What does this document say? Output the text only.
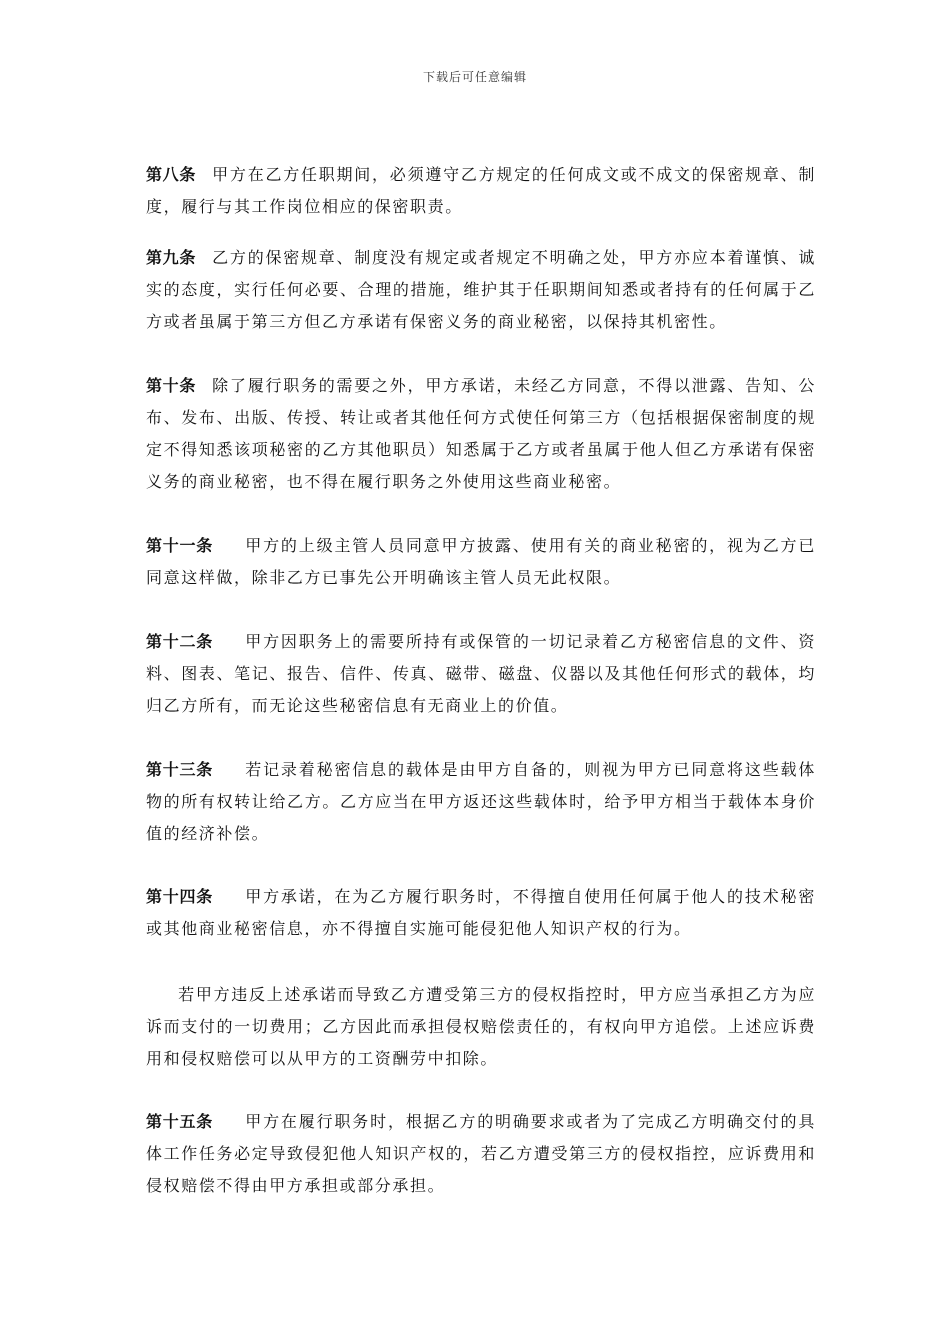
下载后可任意编辑

第八条 甲方在乙方任职期间，必须遵守乙方规定的任何成文或不成文的保密规章、制度，履行与其工作岗位相应的保密职责。

第九条 乙方的保密规章、制度没有规定或者规定不明确之处，甲方亦应本着谨慎、诚实的态度，实行任何必要、合理的措施，维护其于任职期间知悉或者持有的任何属于乙方或者虽属于第三方但乙方承诺有保密义务的商业秘密，以保持其机密性。

第十条 除了履行职务的需要之外，甲方承诺，未经乙方同意，不得以泄露、告知、公布、发布、出版、传授、转让或者其他任何方式使任何第三方（包括根据保密制度的规定不得知悉该项秘密的乙方其他职员）知悉属于乙方或者虽属于他人但乙方承诺有保密义务的商业秘密，也不得在履行职务之外使用这些商业秘密。

第十一条 甲方的上级主管人员同意甲方披露、使用有关的商业秘密的，视为乙方已同意这样做，除非乙方已事先公开明确该主管人员无此权限。

第十二条 甲方因职务上的需要所持有或保管的一切记录着乙方秘密信息的文件、资料、图表、笔记、报告、信件、传真、磁带、磁盘、仪器以及其他任何形式的载体，均归乙方所有，而无论这些秘密信息有无商业上的价值。

第十三条 若记录着秘密信息的载体是由甲方自备的，则视为甲方已同意将这些载体物的所有权转让给乙方。乙方应当在甲方返还这些载体时，给予甲方相当于载体本身价值的经济补偿。

第十四条 甲方承诺，在为乙方履行职务时，不得擅自使用任何属于他人的技术秘密或其他商业秘密信息，亦不得擅自实施可能侵犯他人知识产权的行为。

若甲方违反上述承诺而导致乙方遭受第三方的侵权指控时，甲方应当承担乙方为应诉而支付的一切费用；乙方因此而承担侵权赔偿责任的，有权向甲方追偿。上述应诉费用和侵权赔偿可以从甲方的工资酬劳中扣除。

第十五条 甲方在履行职务时，根据乙方的明确要求或者为了完成乙方明确交付的具体工作任务必定导致侵犯他人知识产权的，若乙方遭受第三方的侵权指控，应诉费用和侵权赔偿不得由甲方承担或部分承担。
